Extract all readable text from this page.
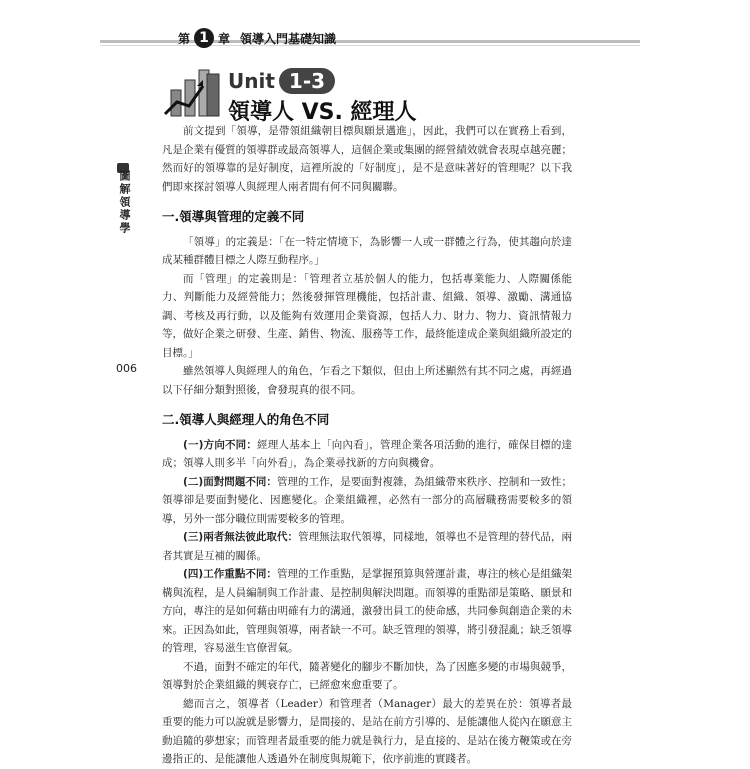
第 1 章 領導入門基礎知識
Unit 1-3
領導人 VS. 經理人
圖解領導學
006

前文提到「領導，是帶領組織朝目標與願景邁進」，因此，我們可以在實務上看到，凡是企業有優質的領導群或最高領導人，這個企業或集團的經營績效就會表現卓越亮麗；然而好的領導靠的是好制度，這裡所說的「好制度」，是不是意味著好的管理呢？以下我們即來探討領導人與經理人兩者間有何不同與關聯。

一.領導與管理的定義不同

「領導」的定義是：「在一特定情境下，為影響一人或一群體之行為，使其趨向於達成某種群體目標之人際互動程序。」

而「管理」的定義則是：「管理者立基於個人的能力，包括專業能力、人際關係能力、判斷能力及經營能力；然後發揮管理機能，包括計畫、組織、領導、激勵、溝通協調、考核及再行動，以及能夠有效運用企業資源，包括人力、財力、物力、資訊情報力等，做好企業之研發、生產、銷售、物流、服務等工作，最終能達成企業與組織所設定的目標。」

雖然領導人與經理人的角色，乍看之下類似，但由上所述顯然有其不同之處，再經過以下仔細分類對照後，會發現真的很不同。

二.領導人與經理人的角色不同

(一)方向不同：經理人基本上「向內看」，管理企業各項活動的進行，確保目標的達成；領導人則多半「向外看」，為企業尋找新的方向與機會。

(二)面對問題不同：管理的工作，是要面對複雜，為組織帶來秩序、控制和一致性；領導卻是要面對變化、因應變化。企業組織裡，必然有一部分的高層職務需要較多的領導，另外一部分職位則需要較多的管理。

(三)兩者無法彼此取代：管理無法取代領導，同樣地，領導也不是管理的替代品，兩者其實是互補的關係。

(四)工作重點不同：管理的工作重點，是掌握預算與營運計畫，專注的核心是組織架構與流程，是人員編制與工作計畫、是控制與解決問題。而領導的重點卻是策略、願景和方向，專注的是如何藉由明確有力的溝通，激發出員工的使命感，共同參與創造企業的未來。正因為如此，管理與領導，兩者缺一不可。缺乏管理的領導，將引發混亂；缺乏領導的管理，容易滋生官僚習氣。

不過，面對不確定的年代，隨著變化的腳步不斷加快，為了因應多變的市場與競爭，領導對於企業組織的興衰存亡，已經愈來愈重要了。

總而言之，領導者（Leader）和管理者（Manager）最大的差異在於：領導者最重要的能力可以說就是影響力，是間接的、是站在前方引導的、是能讓他人從內在願意主動追隨的夢想家；而管理者最重要的能力就是執行力，是直接的、是站在後方鞭策或在旁邊指正的、是能讓他人透過外在制度與規範下，依序前進的實踐者。
